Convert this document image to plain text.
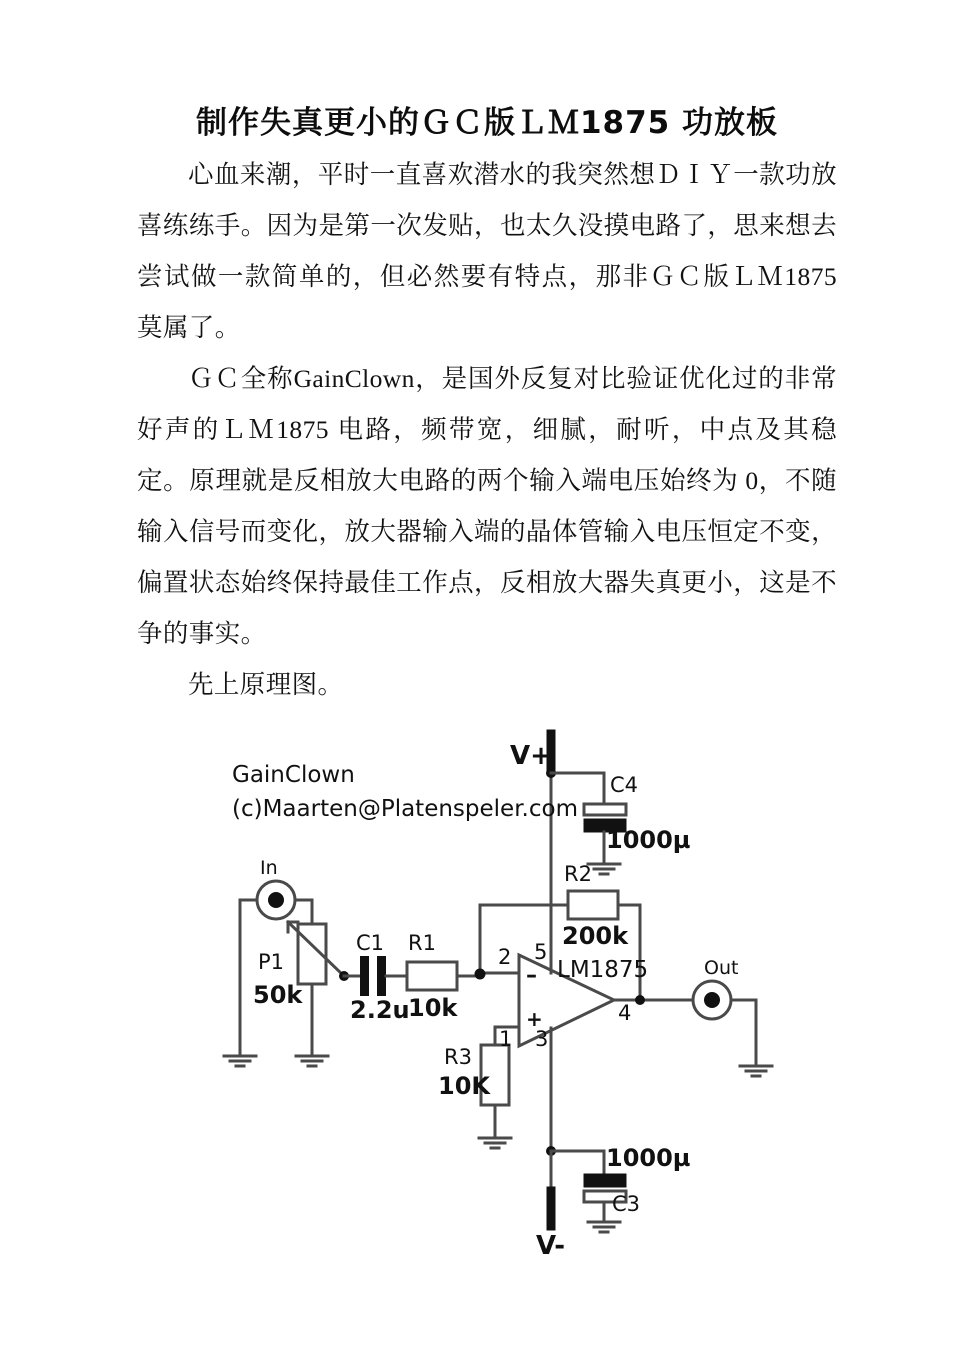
制作失真更小的ＧＣ版ＬＭ1875 功放板

心血来潮，平时一直喜欢潜水的我突然想ＤＩＹ一款功放喜练练手。因为是第一次发贴，也太久没摸电路了，思来想去尝试做一款简单的，但必然要有特点，那非ＧＣ版ＬＭ1875 莫属了。

ＧＣ全称GainClown，是国外反复对比验证优化过的非常好声的ＬＭ1875 电路，频带宽，细腻，耐听，中点及其稳定。原理就是反相放大电路的两个输入端电压始终为 0，不随输入信号而变化，放大器输入端的晶体管输入电压恒定不变，偏置状态始终保持最佳工作点，反相放大器失真更小，这是不争的事实。

先上原理图。

GainClown
(c)Maarten@Platenspeler.com
In
Out
V+
V-
LM1875
P1
50k
C1
2.2u
R1
10k
R2
200k
R3
10K
C4
1000µ
C3
1000µ
2
1
5
3
4
–
+
